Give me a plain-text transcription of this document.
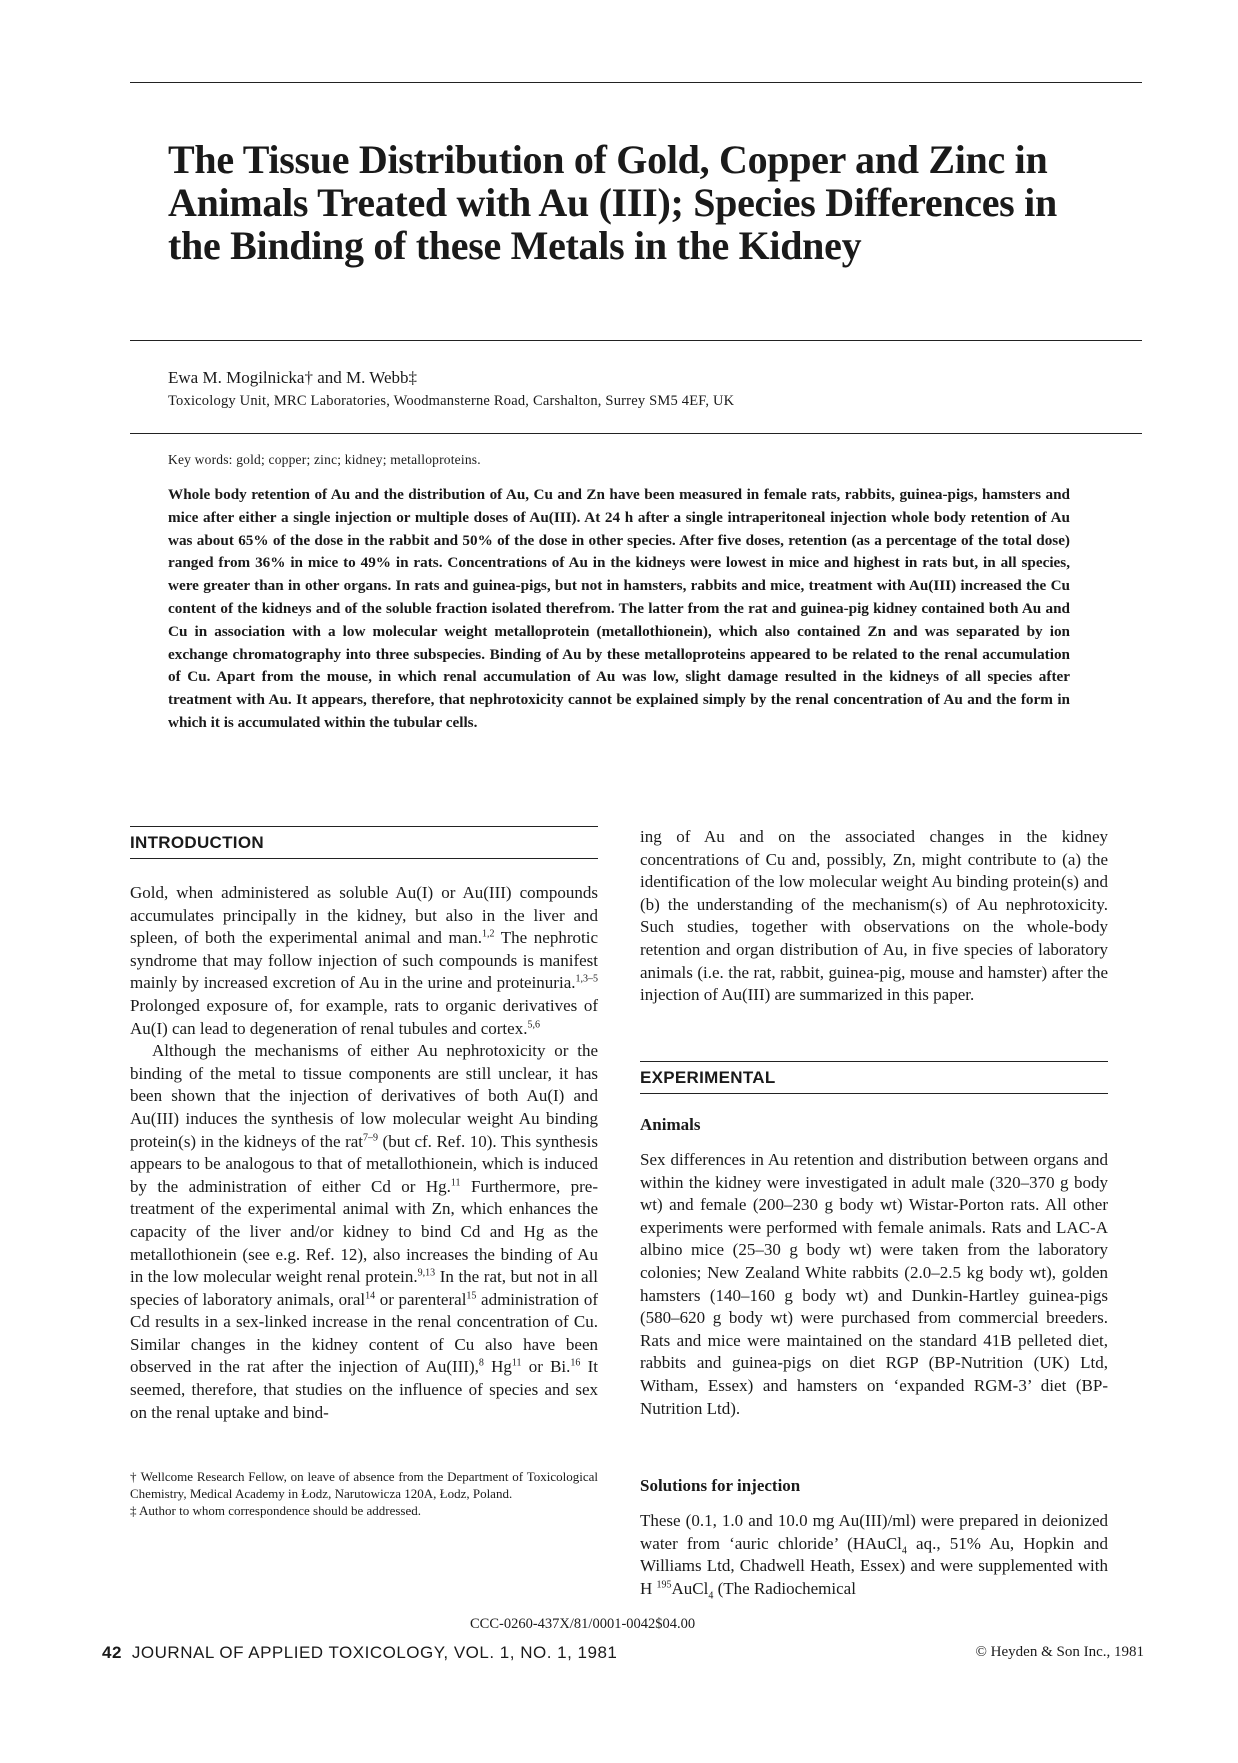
The Tissue Distribution of Gold, Copper and Zinc in Animals Treated with Au (III); Species Differences in the Binding of these Metals in the Kidney
Ewa M. Mogilnicka† and M. Webb‡
Toxicology Unit, MRC Laboratories, Woodmansterne Road, Carshalton, Surrey SM5 4EF, UK
Key words: gold; copper; zinc; kidney; metalloproteins.

Whole body retention of Au and the distribution of Au, Cu and Zn have been measured in female rats, rabbits, guinea-pigs, hamsters and mice after either a single injection or multiple doses of Au(III). At 24 h after a single intraperitoneal injection whole body retention of Au was about 65% of the dose in the rabbit and 50% of the dose in other species. After five doses, retention (as a percentage of the total dose) ranged from 36% in mice to 49% in rats. Concentrations of Au in the kidneys were lowest in mice and highest in rats but, in all species, were greater than in other organs. In rats and guinea-pigs, but not in hamsters, rabbits and mice, treatment with Au(III) increased the Cu content of the kidneys and of the soluble fraction isolated therefrom. The latter from the rat and guinea-pig kidney contained both Au and Cu in association with a low molecular weight metalloprotein (metallothionein), which also contained Zn and was separated by ion exchange chromatography into three subspecies. Binding of Au by these metalloproteins appeared to be related to the renal accumulation of Cu. Apart from the mouse, in which renal accumulation of Au was low, slight damage resulted in the kidneys of all species after treatment with Au. It appears, therefore, that nephrotoxicity cannot be explained simply by the renal concentration of Au and the form in which it is accumulated within the tubular cells.

INTRODUCTION

Gold, when administered as soluble Au(I) or Au(III) compounds accumulates principally in the kidney, but also in the liver and spleen, of both the experimental animal and man.$^{1,2}$ The nephrotic syndrome that may follow injection of such compounds is manifest mainly by increased excretion of Au in the urine and proteinuria.$^{1,3-5}$ Prolonged exposure of, for example, rats to organic derivatives of Au(I) can lead to degeneration of renal tubules and cortex.$^{5,6}$

Although the mechanisms of either Au nephrotoxicity or the binding of the metal to tissue components are still unclear, it has been shown that the injection of derivatives of both Au(I) and Au(III) induces the synthesis of low molecular weight Au binding protein(s) in the kidneys of the rat$^{7-9}$ (but cf. Ref. 10). This synthesis appears to be analogous to that of metallothionein, which is induced by the administration of either Cd or Hg.$^{11}$ Furthermore, pre-treatment of the experimental animal with Zn, which enhances the capacity of the liver and/or kidney to bind Cd and Hg as the metallothionein (see e.g. Ref. 12), also increases the binding of Au in the low molecular weight renal protein.$^{9,13}$ In the rat, but not in all species of laboratory animals, oral$^{14}$ or parenteral$^{15}$ administration of Cd results in a sex-linked increase in the renal concentration of Cu. Similar changes in the kidney content of Cu also have been observed in the rat after the injection of Au(III),$^8$ Hg$^{11}$ or Bi.$^{16}$ It seemed, therefore, that studies on the influence of species and sex on the renal uptake and bind-

† Wellcome Research Fellow, on leave of absence from the Department of Toxicological Chemistry, Medical Academy in Łodz, Narutowicza 120A, Łodz, Poland.

‡ Author to whom correspondence should be addressed.

ing of Au and on the associated changes in the kidney concentrations of Cu and, possibly, Zn, might contribute to (a) the identification of the low molecular weight Au binding protein(s) and (b) the understanding of the mechanism(s) of Au nephrotoxicity. Such studies, together with observations on the whole-body retention and organ distribution of Au, in five species of laboratory animals (i.e. the rat, rabbit, guinea-pig, mouse and hamster) after the injection of Au(III) are summarized in this paper.

EXPERIMENTAL
Animals

Sex differences in Au retention and distribution between organs and within the kidney were investigated in adult male (320–370 g body wt) and female (200–230 g body wt) Wistar-Porton rats. All other experiments were performed with female animals. Rats and LAC-A albino mice (25–30 g body wt) were taken from the laboratory colonies; New Zealand White rabbits (2.0–2.5 kg body wt), golden hamsters (140–160 g body wt) and Dunkin-Hartley guinea-pigs (580–620 g body wt) were purchased from commercial breeders. Rats and mice were maintained on the standard 41B pelleted diet, rabbits and guinea-pigs on diet RGP (BP-Nutrition (UK) Ltd, Witham, Essex) and hamsters on ‘expanded RGM-3’ diet (BP-Nutrition Ltd).

Solutions for injection

These (0.1, 1.0 and 10.0 mg Au(III)/ml) were prepared in deionized water from ‘auric chloride’ (HAuCl$_4$ aq., 51% Au, Hopkin and Williams Ltd, Chadwell Heath, Essex) and were supplemented with H $^{195}$AuCl$_4$ (The Radiochemical

CCC-0260-437X/81/0001-0042$04.00
42 JOURNAL OF APPLIED TOXICOLOGY, VOL. 1, NO. 1, 1981	© Heyden & Son Inc., 1981
